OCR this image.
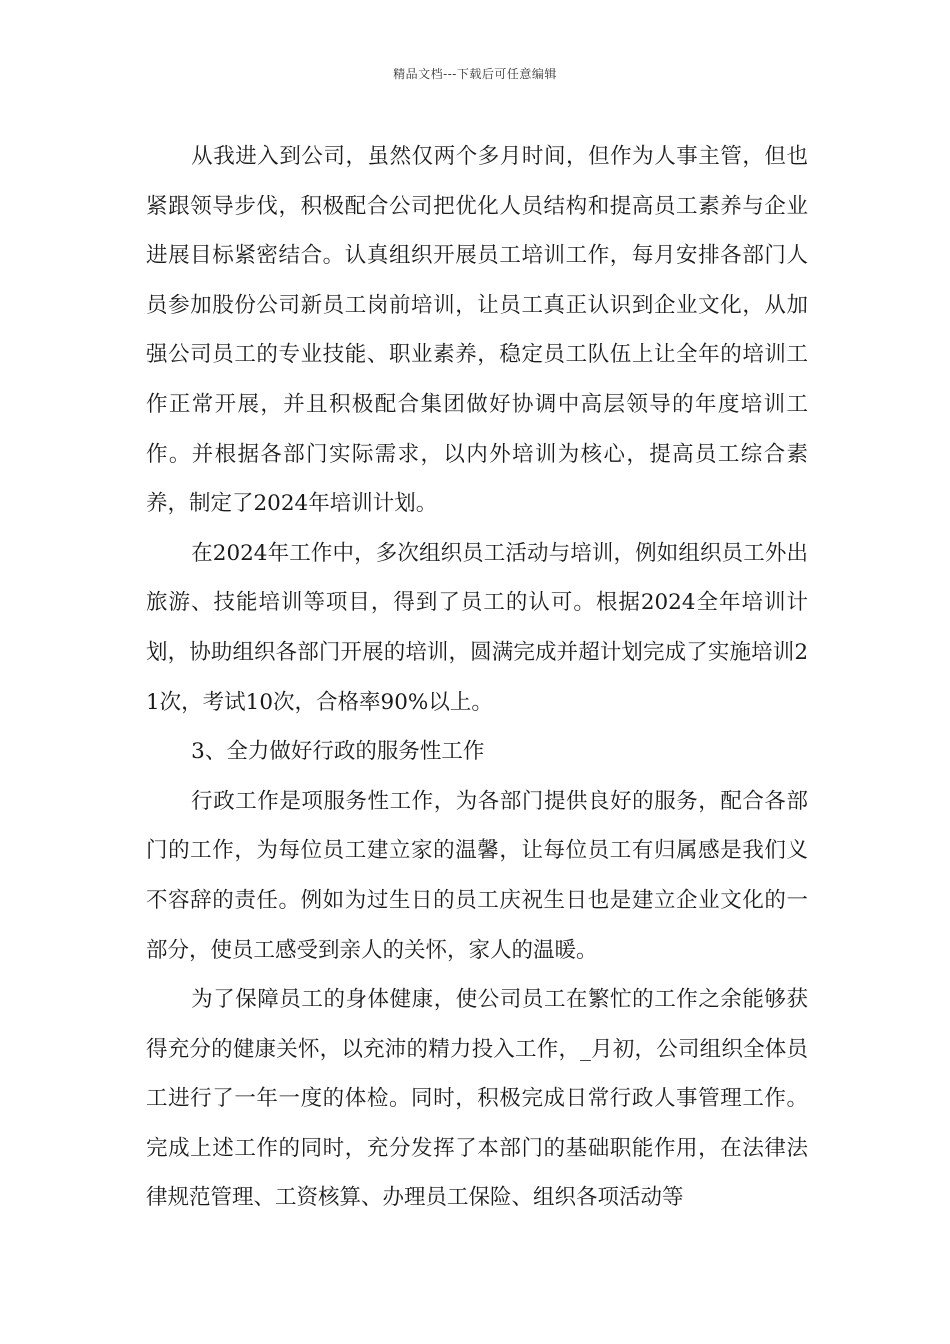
精品文档---下载后可任意编辑

从我进入到公司，虽然仅两个多月时间，但作为人事主管，但也紧跟领导步伐，积极配合公司把优化人员结构和提高员工素养与企业进展目标紧密结合。认真组织开展员工培训工作，每月安排各部门人员参加股份公司新员工岗前培训，让员工真正认识到企业文化，从加强公司员工的专业技能、职业素养，稳定员工队伍上让全年的培训工作正常开展，并且积极配合集团做好协调中高层领导的年度培训工作。并根据各部门实际需求，以内外培训为核心，提高员工综合素养，制定了2024年培训计划。

在2024年工作中，多次组织员工活动与培训，例如组织员工外出旅游、技能培训等项目，得到了员工的认可。根据2024全年培训计划，协助组织各部门开展的培训，圆满完成并超计划完成了实施培训21次，考试10次，合格率90%以上。

3、全力做好行政的服务性工作

行政工作是项服务性工作，为各部门提供良好的服务，配合各部门的工作，为每位员工建立家的温馨，让每位员工有归属感是我们义不容辞的责任。例如为过生日的员工庆祝生日也是建立企业文化的一部分，使员工感受到亲人的关怀，家人的温暖。

为了保障员工的身体健康，使公司员工在繁忙的工作之余能够获得充分的健康关怀，以充沛的精力投入工作，_月初，公司组织全体员工进行了一年一度的体检。同时，积极完成日常行政人事管理工作。完成上述工作的同时，充分发挥了本部门的基础职能作用，在法律法律规范管理、工资核算、办理员工保险、组织各项活动等
